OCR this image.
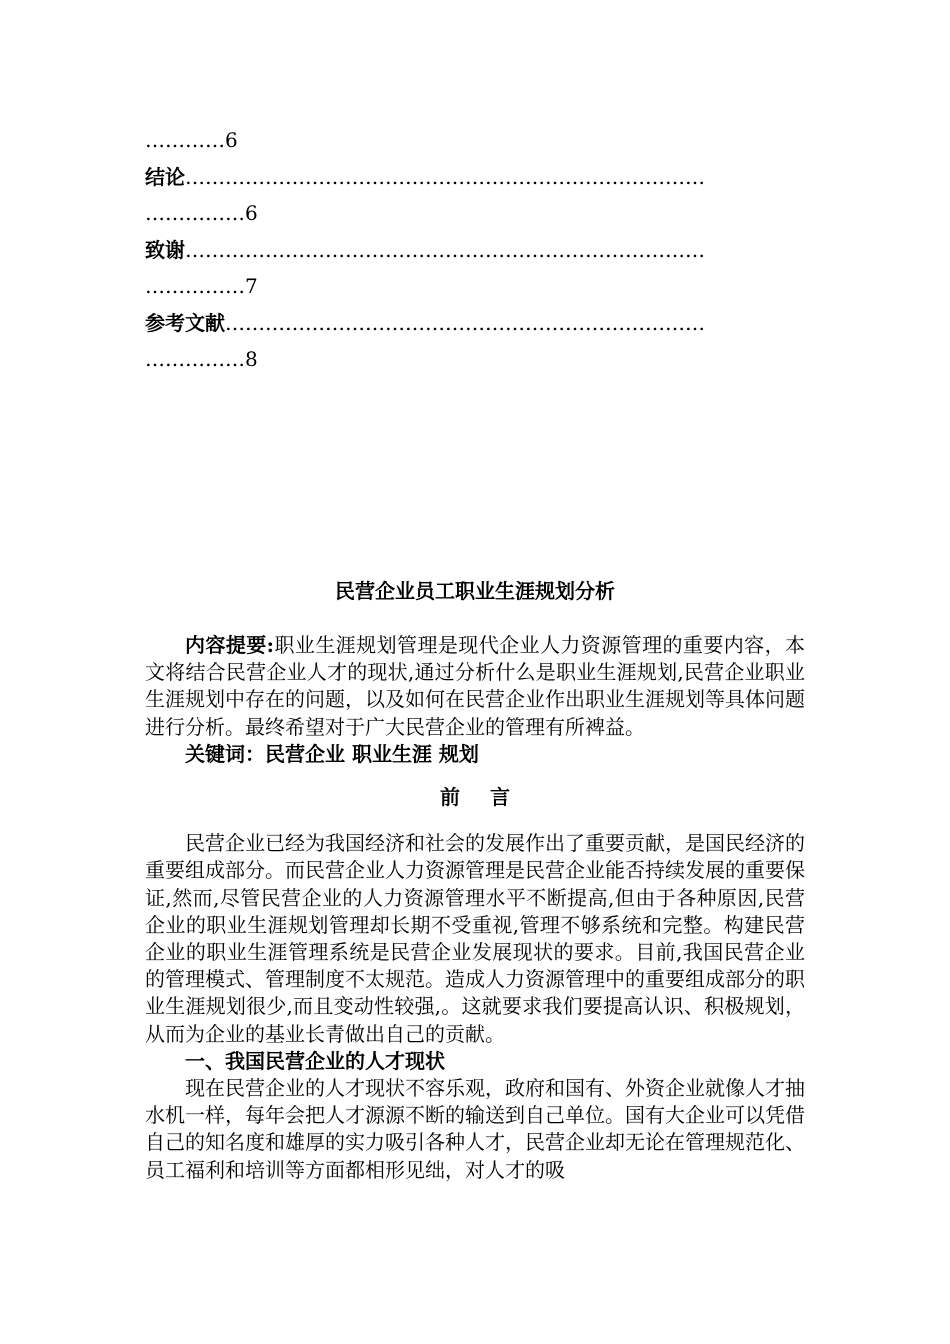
…………6
结论……………………………………………………………………
……………6
致谢……………………………………………………………………
……………7
参考文献………………………………………………………………
……………8
民营企业员工职业生涯规划分析

内容提要:职业生涯规划管理是现代企业人力资源管理的重要内容，本文将结合民营企业人才的现状,通过分析什么是职业生涯规划,民营企业职业生涯规划中存在的问题，以及如何在民营企业作出职业生涯规划等具体问题进行分析。最终希望对于广大民营企业的管理有所裨益。

关键词：民营企业 职业生涯 规划

前言

民营企业已经为我国经济和社会的发展作出了重要贡献，是国民经济的重要组成部分。而民营企业人力资源管理是民营企业能否持续发展的重要保证,然而,尽管民营企业的人力资源管理水平不断提高,但由于各种原因,民营企业的职业生涯规划管理却长期不受重视,管理不够系统和完整。构建民营企业的职业生涯管理系统是民营企业发展现状的要求。目前,我国民营企业的管理模式、管理制度不太规范。造成人力资源管理中的重要组成部分的职业生涯规划很少,而且变动性较强,。这就要求我们要提高认识、积极规划，从而为企业的基业长青做出自己的贡献。

一、我国民营企业的人才现状

现在民营企业的人才现状不容乐观，政府和国有、外资企业就像人才抽水机一样，每年会把人才源源不断的输送到自己单位。国有大企业可以凭借自己的知名度和雄厚的实力吸引各种人才，民营企业却无论在管理规范化、员工福利和培训等方面都相形见绌，对人才的吸
